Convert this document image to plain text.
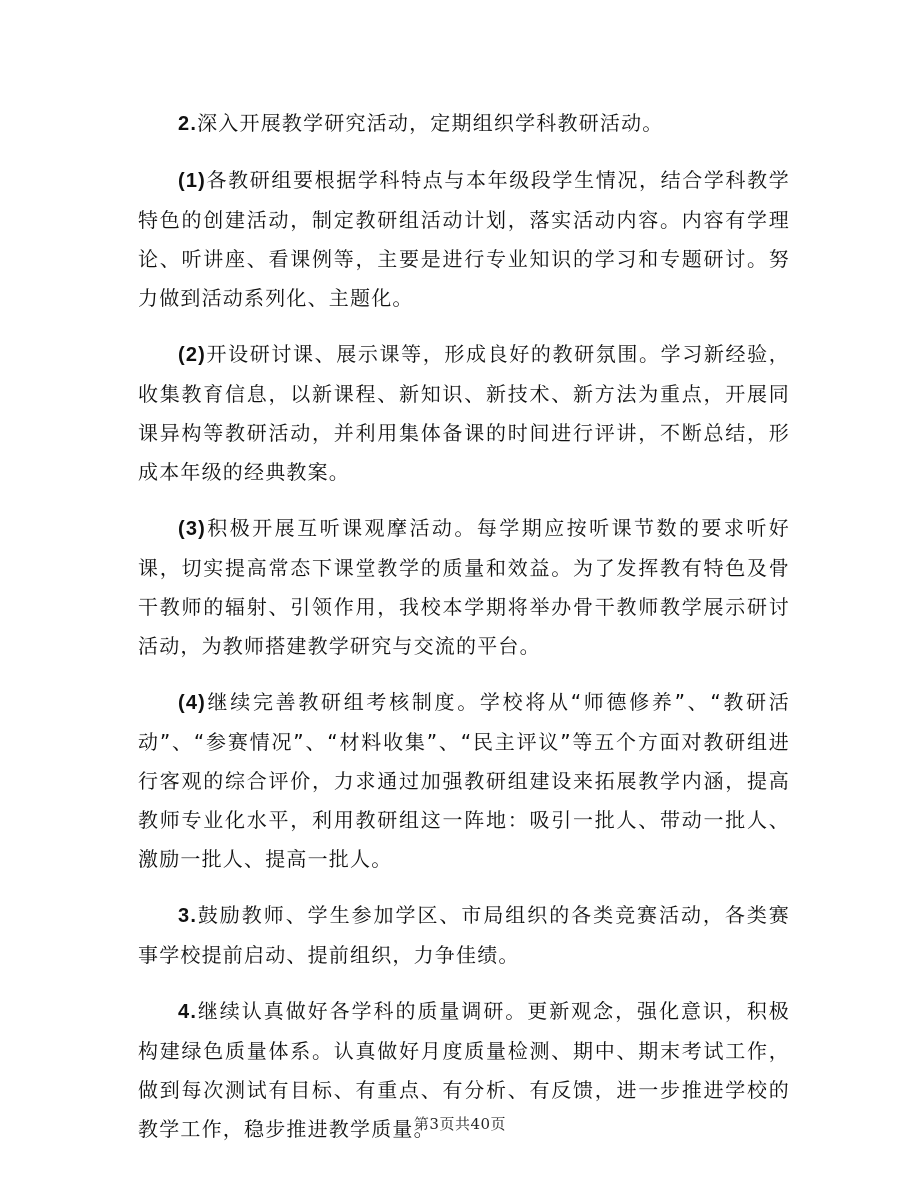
2.深入开展教学研究活动，定期组织学科教研活动。

(1)各教研组要根据学科特点与本年级段学生情况，结合学科教学特色的创建活动，制定教研组活动计划，落实活动内容。内容有学理论、听讲座、看课例等，主要是进行专业知识的学习和专题研讨。努力做到活动系列化、主题化。

(2)开设研讨课、展示课等，形成良好的教研氛围。学习新经验，收集教育信息，以新课程、新知识、新技术、新方法为重点，开展同课异构等教研活动，并利用集体备课的时间进行评讲，不断总结，形成本年级的经典教案。

(3)积极开展互听课观摩活动。每学期应按听课节数的要求听好课，切实提高常态下课堂教学的质量和效益。为了发挥教有特色及骨干教师的辐射、引领作用，我校本学期将举办骨干教师教学展示研讨活动，为教师搭建教学研究与交流的平台。

(4)继续完善教研组考核制度。学校将从“师德修养”、“教研活动”、“参赛情况”、“材料收集”、“民主评议”等五个方面对教研组进行客观的综合评价，力求通过加强教研组建设来拓展教学内涵，提高教师专业化水平，利用教研组这一阵地：吸引一批人、带动一批人、激励一批人、提高一批人。

3.鼓励教师、学生参加学区、市局组织的各类竞赛活动，各类赛事学校提前启动、提前组织，力争佳绩。

4.继续认真做好各学科的质量调研。更新观念，强化意识，积极构建绿色质量体系。认真做好月度质量检测、期中、期末考试工作，做到每次测试有目标、有重点、有分析、有反馈，进一步推进学校的教学工作，稳步推进教学质量。

第3页共40页
